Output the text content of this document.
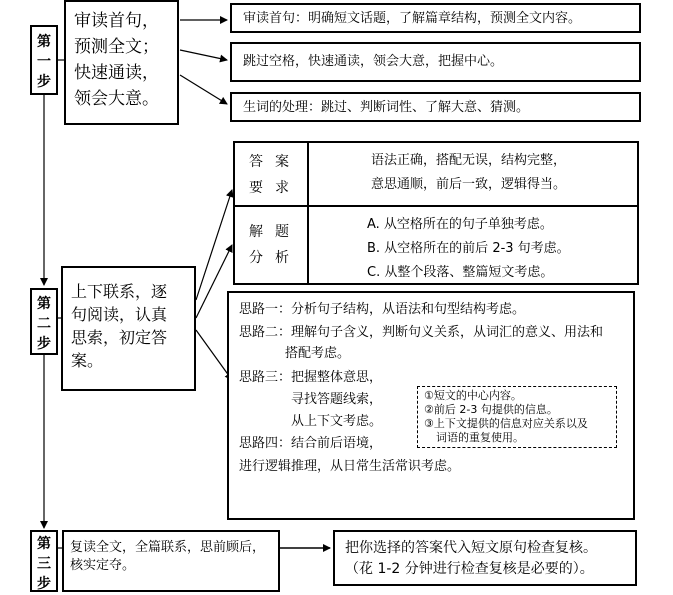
第
一
步
审读首句，
预测全文；
快速通读，
领会大意。
审读首句：明确短文话题，了解篇章结构，预测全文内容。
跳过空格，快速通读，领会大意，把握中心。
生词的处理：跳过、判断词性、了解大意、猜测。
第
二
步
上下联系，逐
句阅读，认真
思索，初定答
案。
答案
要求
语法正确，搭配无误，结构完整，
意思通顺，前后一致，逻辑得当。
解题
分析
A. 从空格所在的句子单独考虑。
B. 从空格所在的前后 2-3 句考虑。
C. 从整个段落、整篇短文考虑。
思路一：分析句子结构，从语法和句型结构考虑。
思路二：理解句子含义，判断句义关系，从词汇的意义、用法和
搭配考虑。
思路三：把握整体意思，
寻找答题线索，
从上下文考虑。
思路四：结合前后语境，
进行逻辑推理，从日常生活常识考虑。
①短文的中心内容。
②前后 2-3 句提供的信息。
③上下文提供的信息对应关系以及
词语的重复使用。
第
三
步
复读全文，全篇联系，思前顾后，
核实定夺。
把你选择的答案代入短文原句检查复核。
（花 1-2 分钟进行检查复核是必要的）。
